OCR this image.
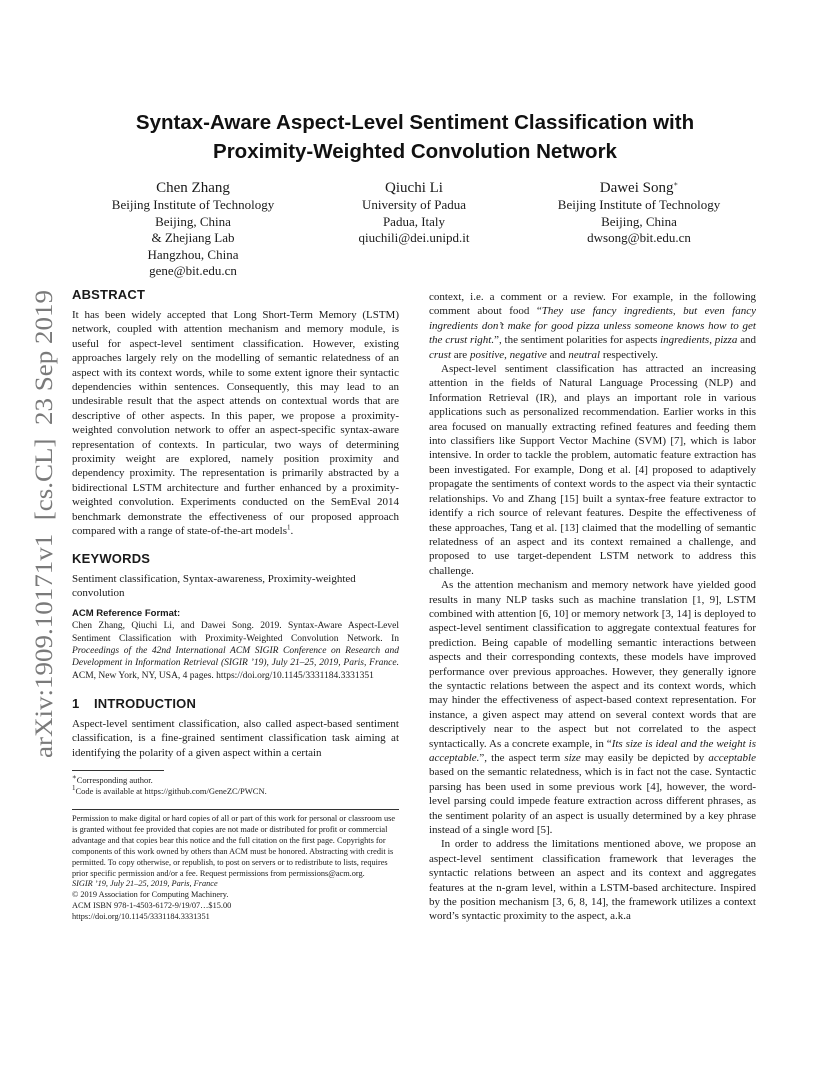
arXiv:1909.10171v1  [cs.CL]  23 Sep 2019
Syntax-Aware Aspect-Level Sentiment Classification with
Proximity-Weighted Convolution Network
Chen Zhang
Beijing Institute of Technology
Beijing, China
& Zhejiang Lab
Hangzhou, China
gene@bit.edu.cn
Qiuchi Li
University of Padua
Padua, Italy
qiuchili@dei.unipd.it
Dawei Song∗
Beijing Institute of Technology
Beijing, China
dwsong@bit.edu.cn
ABSTRACT

It has been widely accepted that Long Short-Term Memory (LSTM) network, coupled with attention mechanism and memory module, is useful for aspect-level sentiment classification. However, existing approaches largely rely on the modelling of semantic relatedness of an aspect with its context words, while to some extent ignore their syntactic dependencies within sentences. Consequently, this may lead to an undesirable result that the aspect attends on contextual words that are descriptive of other aspects. In this paper, we propose a proximity-weighted convolution network to offer an aspect-specific syntax-aware representation of contexts. In particular, two ways of determining proximity weight are explored, namely position proximity and dependency proximity. The representation is primarily abstracted by a bidirectional LSTM architecture and further enhanced by a proximity-weighted convolution. Experiments conducted on the SemEval 2014 benchmark demonstrate the effectiveness of our proposed approach compared with a range of state-of-the-art models$^1$.

KEYWORDS

Sentiment classification, Syntax-awareness, Proximity-weighted convolution

ACM Reference Format:

Chen Zhang, Qiuchi Li, and Dawei Song. 2019. Syntax-Aware Aspect-Level Sentiment Classification with Proximity-Weighted Convolution Network. In Proceedings of the 42nd International ACM SIGIR Conference on Research and Development in Information Retrieval (SIGIR ’19), July 21–25, 2019, Paris, France. ACM, New York, NY, USA, 4 pages. https://doi.org/10.1145/3331184.3331351

1 INTRODUCTION

Aspect-level sentiment classification, also called aspect-based sentiment classification, is a fine-grained sentiment classification task aiming at identifying the polarity of a given aspect within a certain

∗Corresponding author.

$^1$Code is available at https://github.com/GeneZC/PWCN.

Permission to make digital or hard copies of all or part of this work for personal or classroom use is granted without fee provided that copies are not made or distributed for profit or commercial advantage and that copies bear this notice and the full citation on the first page. Copyrights for components of this work owned by others than ACM must be honored. Abstracting with credit is permitted. To copy otherwise, or republish, to post on servers or to redistribute to lists, requires prior specific permission and/or a fee. Request permissions from permissions@acm.org.

SIGIR ’19, July 21–25, 2019, Paris, France

© 2019 Association for Computing Machinery.

ACM ISBN 978-1-4503-6172-9/19/07…$15.00

https://doi.org/10.1145/3331184.3331351

context, i.e. a comment or a review. For example, in the following comment about food “They use fancy ingredients, but even fancy ingredients don’t make for good pizza unless someone knows how to get the crust right.”, the sentiment polarities for aspects ingredients, pizza and crust are positive, negative and neutral respectively.

Aspect-level sentiment classification has attracted an increasing attention in the fields of Natural Language Processing (NLP) and Information Retrieval (IR), and plays an important role in various applications such as personalized recommendation. Earlier works in this area focused on manually extracting refined features and feeding them into classifiers like Support Vector Machine (SVM) [7], which is labor intensive. In order to tackle the problem, automatic feature extraction has been investigated. For example, Dong et al. [4] proposed to adaptively propagate the sentiments of context words to the aspect via their syntactic relationships. Vo and Zhang [15] built a syntax-free feature extractor to identify a rich source of relevant features. Despite the effectiveness of these approaches, Tang et al. [13] claimed that the modelling of semantic relatedness of an aspect and its context remained a challenge, and proposed to use target-dependent LSTM network to address this challenge.

As the attention mechanism and memory network have yielded good results in many NLP tasks such as machine translation [1, 9], LSTM combined with attention [6, 10] or memory network [3, 14] is deployed to aspect-level sentiment classification to aggregate contextual features for prediction. Being capable of modelling semantic interactions between aspects and their corresponding contexts, these models have improved performance over previous approaches. However, they generally ignore the syntactic relations between the aspect and its context words, which may hinder the effectiveness of aspect-based context representation. For instance, a given aspect may attend on several context words that are descriptively near to the aspect but not correlated to the aspect syntactically. As a concrete example, in “Its size is ideal and the weight is acceptable.”, the aspect term size may easily be depicted by acceptable based on the semantic relatedness, which is in fact not the case. Syntactic parsing has been used in some previous work [4], however, the word-level parsing could impede feature extraction across different phrases, as the sentiment polarity of an aspect is usually determined by a key phrase instead of a single word [5].

In order to address the limitations mentioned above, we propose an aspect-level sentiment classification framework that leverages the syntactic relations between an aspect and its context and aggregates features at the n-gram level, within a LSTM-based architecture. Inspired by the position mechanism [3, 6, 8, 14], the framework utilizes a context word’s syntactic proximity to the aspect, a.k.a
